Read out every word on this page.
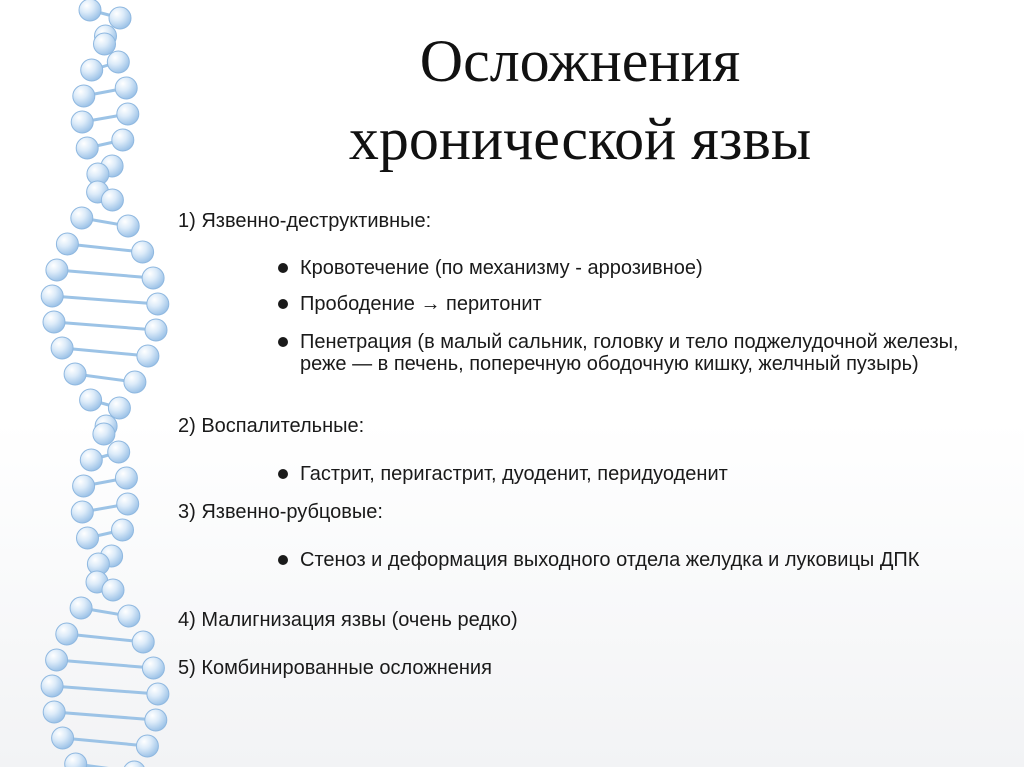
Осложнения
хронической язвы
1) Язвенно-деструктивные:
Кровотечение (по механизму - аррозивное)
Прободение → перитонит
Пенетрация (в малый сальник, головку и тело поджелудочной железы, реже — в печень, поперечную ободочную кишку, желчный пузырь)
2) Воспалительные:
Гастрит, перигастрит, дуоденит, перидуоденит
3) Язвенно-рубцовые:
Стеноз и деформация выходного отдела желудка и луковицы ДПК
4) Малигнизация язвы (очень редко)
5) Комбинированные осложнения
